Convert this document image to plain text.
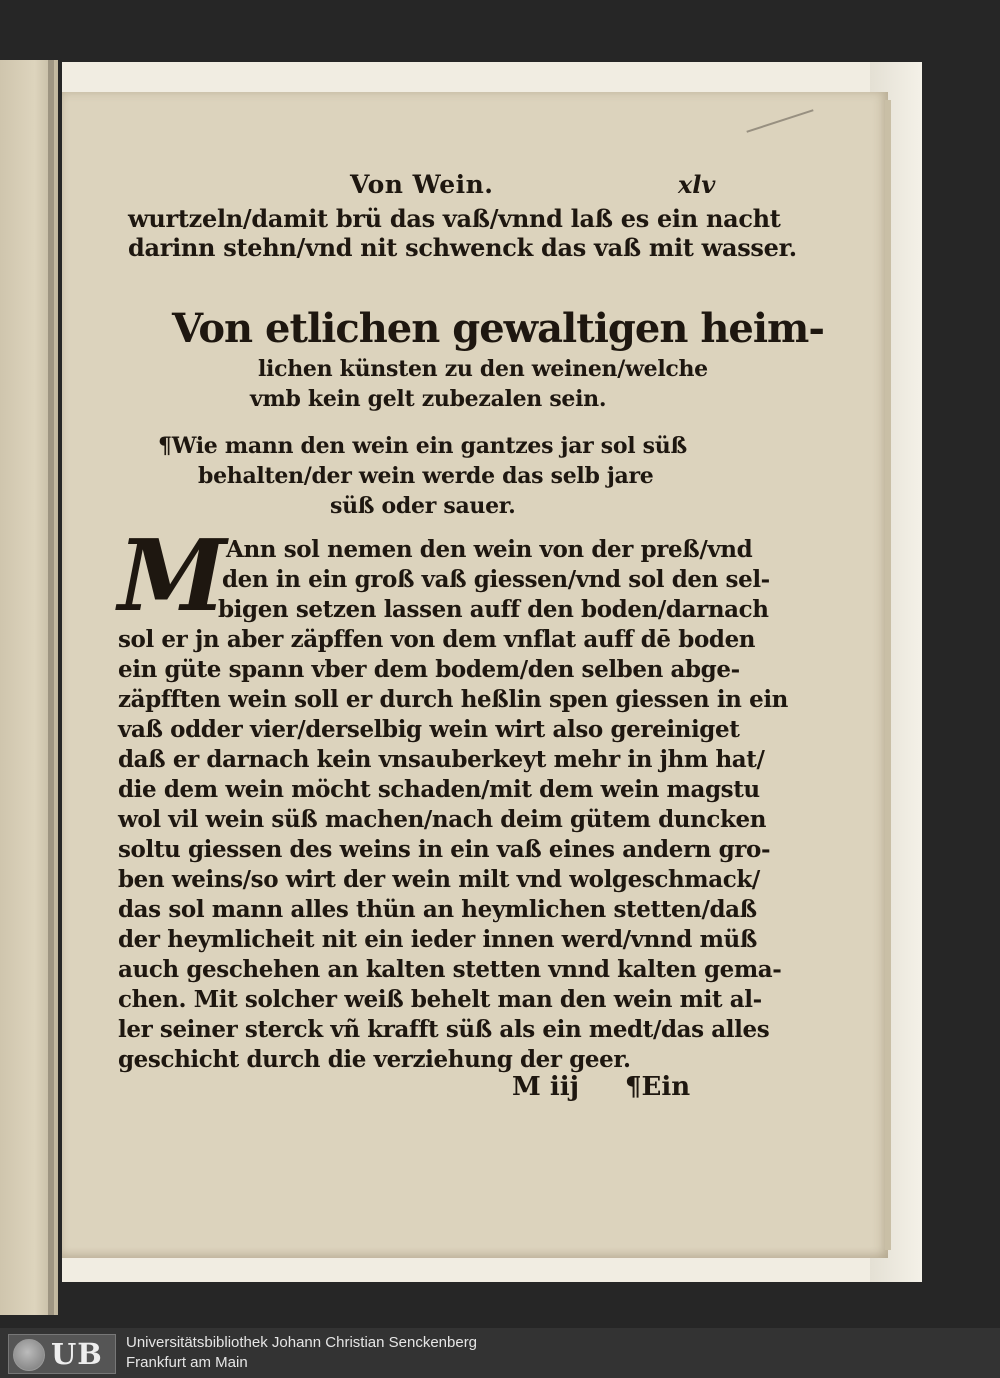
Von Wein.	xlv
wurtzeln/damit brü das vaß/vnnd laß es ein nacht
darinn stehn/vnd nit schwenck das vaß mit wasser.
Von etlichen gewaltigen heim-
lichen künsten zu den weinen/welche
vmb kein gelt zubezalen sein.
¶Wie mann den wein ein gantzes jar sol süß
behalten/der wein werde das selb jare
süß oder sauer.
M Ann sol nemen den wein von der preß/vnd
den in ein groß vaß giessen/vnd sol den sel-
bigen setzen lassen auff den boden/darnach
sol er jn aber zäpffen von dem vnflat auff dē boden
ein güte spann vber dem bodem/den selben abge-
zäpfften wein soll er durch heßlin spen giessen in ein
vaß odder vier/derselbig wein wirt also gereiniget
daß er darnach kein vnsauberkeyt mehr in jhm hat/
die dem wein möcht schaden/mit dem wein magstu
wol vil wein süß machen/nach deim gütem duncken
soltu giessen des weins in ein vaß eines andern gro-
ben weins/so wirt der wein milt vnd wolgeschmack/
das sol mann alles thün an heymlichen stetten/daß
der heymlicheit nit ein ieder innen werd/vnnd müß
auch geschehen an kalten stetten vnnd kalten gema-
chen. Mit solcher weiß behelt man den wein mit al-
ler seiner sterck vñ krafft süß als ein medt/das alles
geschicht durch die verziehung der geer.
M iij ¶Ein
UB Universitätsbibliothek Johann Christian Senckenberg
Frankfurt am Main
